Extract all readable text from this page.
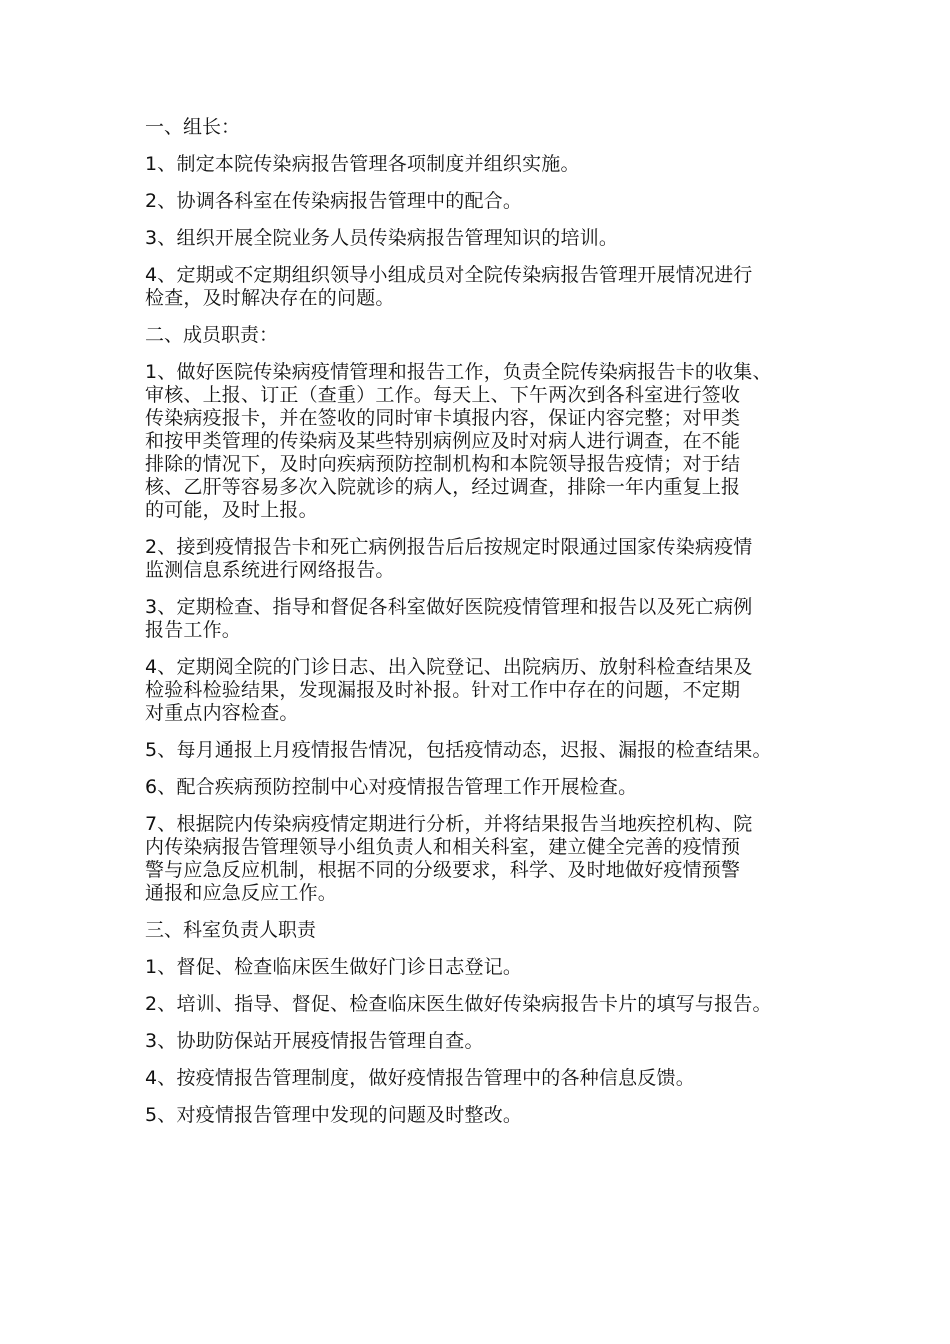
一、组长：
1、制定本院传染病报告管理各项制度并组织实施。
2、协调各科室在传染病报告管理中的配合。
3、组织开展全院业务人员传染病报告管理知识的培训。
4、定期或不定期组织领导小组成员对全院传染病报告管理开展情况进行
检查，及时解决存在的问题。
二、成员职责：
1、做好医院传染病疫情管理和报告工作，负责全院传染病报告卡的收集、
审核、上报、订正（查重）工作。每天上、下午两次到各科室进行签收
传染病疫报卡，并在签收的同时审卡填报内容，保证内容完整；对甲类
和按甲类管理的传染病及某些特别病例应及时对病人进行调查，在不能
排除的情况下，及时向疾病预防控制机构和本院领导报告疫情；对于结
核、乙肝等容易多次入院就诊的病人，经过调查，排除一年内重复上报
的可能，及时上报。
2、接到疫情报告卡和死亡病例报告后后按规定时限通过国家传染病疫情
监测信息系统进行网络报告。
3、定期检查、指导和督促各科室做好医院疫情管理和报告以及死亡病例
报告工作。
4、定期阅全院的门诊日志、出入院登记、出院病历、放射科检查结果及
检验科检验结果，发现漏报及时补报。针对工作中存在的问题，不定期
对重点内容检查。
5、每月通报上月疫情报告情况，包括疫情动态，迟报、漏报的检查结果。
6、配合疾病预防控制中心对疫情报告管理工作开展检查。
7、根据院内传染病疫情定期进行分析，并将结果报告当地疾控机构、院
内传染病报告管理领导小组负责人和相关科室，建立健全完善的疫情预
警与应急反应机制，根据不同的分级要求，科学、及时地做好疫情预警
通报和应急反应工作。
三、科室负责人职责
1、督促、检查临床医生做好门诊日志登记。
2、培训、指导、督促、检查临床医生做好传染病报告卡片的填写与报告。
3、协助防保站开展疫情报告管理自查。
4、按疫情报告管理制度，做好疫情报告管理中的各种信息反馈。
5、对疫情报告管理中发现的问题及时整改。
